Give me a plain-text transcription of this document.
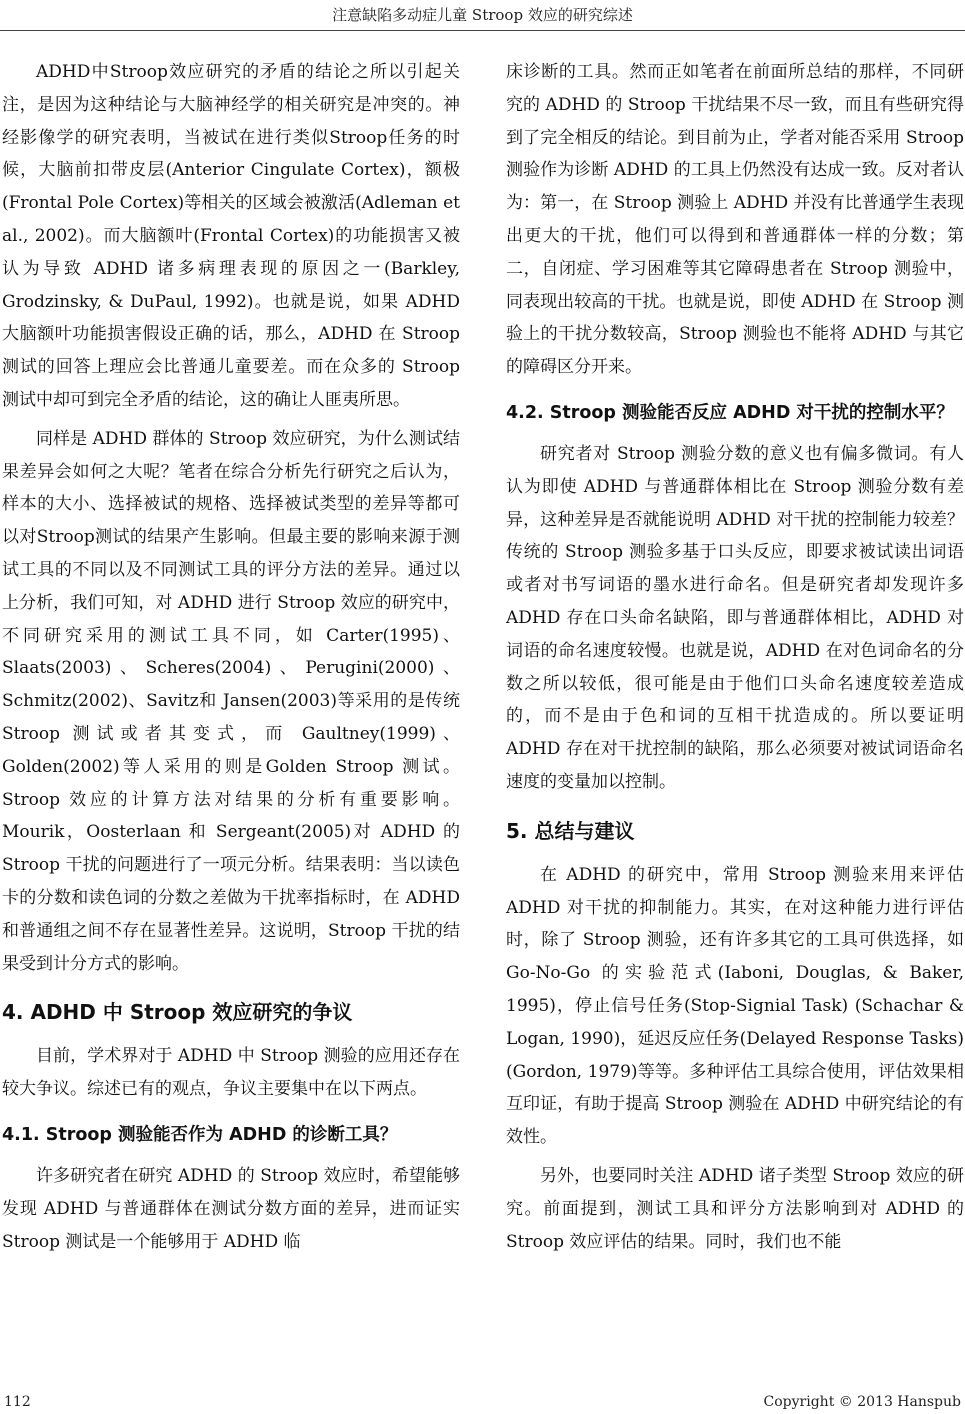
注意缺陷多动症儿童 Stroop 效应的研究综述

ADHD中Stroop效应研究的矛盾的结论之所以引起关注，是因为这种结论与大脑神经学的相关研究是冲突的。神经影像学的研究表明，当被试在进行类似Stroop任务的时候，大脑前扣带皮层(Anterior Cingulate Cortex)，额极(Frontal Pole Cortex)等相关的区域会被激活(Adleman et al., 2002)。而大脑额叶(Frontal Cortex)的功能损害又被认为导致 ADHD 诸多病理表现的原因之一(Barkley, Grodzinsky, & DuPaul, 1992)。也就是说，如果 ADHD 大脑额叶功能损害假设正确的话，那么，ADHD 在 Stroop 测试的回答上理应会比普通儿童要差。而在众多的 Stroop 测试中却可到完全矛盾的结论，这的确让人匪夷所思。

同样是 ADHD 群体的 Stroop 效应研究，为什么测试结果差异会如何之大呢？笔者在综合分析先行研究之后认为，样本的大小、选择被试的规格、选择被试类型的差异等都可以对Stroop测试的结果产生影响。但最主要的影响来源于测试工具的不同以及不同测试工具的评分方法的差异。通过以上分析，我们可知，对 ADHD 进行 Stroop 效应的研究中，不同研究采用的测试工具不同，如 Carter(1995)、Slaats(2003)、Scheres(2004)、Perugini(2000)、Schmitz(2002)、Savitz和 Jansen(2003)等采用的是传统 Stroop 测试或者其变式，而 Gaultney(1999)、Golden(2002)等人采用的则是Golden Stroop 测试。Stroop 效应的计算方法对结果的分析有重要影响。Mourik，Oosterlaan 和 Sergeant(2005)对 ADHD 的 Stroop 干扰的问题进行了一项元分析。结果表明：当以读色卡的分数和读色词的分数之差做为干扰率指标时，在 ADHD 和普通组之间不存在显著性差异。这说明，Stroop 干扰的结果受到计分方式的影响。

4. ADHD 中 Stroop 效应研究的争议

目前，学术界对于 ADHD 中 Stroop 测验的应用还存在较大争议。综述已有的观点，争议主要集中在以下两点。

4.1. Stroop 测验能否作为 ADHD 的诊断工具？

许多研究者在研究 ADHD 的 Stroop 效应时，希望能够发现 ADHD 与普通群体在测试分数方面的差异，进而证实 Stroop 测试是一个能够用于 ADHD 临

床诊断的工具。然而正如笔者在前面所总结的那样，不同研究的 ADHD 的 Stroop 干扰结果不尽一致，而且有些研究得到了完全相反的结论。到目前为止，学者对能否采用 Stroop 测验作为诊断 ADHD 的工具上仍然没有达成一致。反对者认为：第一，在 Stroop 测验上 ADHD 并没有比普通学生表现出更大的干扰，他们可以得到和普通群体一样的分数；第二，自闭症、学习困难等其它障碍患者在 Stroop 测验中，同表现出较高的干扰。也就是说，即使 ADHD 在 Stroop 测验上的干扰分数较高，Stroop 测验也不能将 ADHD 与其它的障碍区分开来。

4.2. Stroop 测验能否反应 ADHD 对干扰的控制水平？

研究者对 Stroop 测验分数的意义也有偏多微词。有人认为即使 ADHD 与普通群体相比在 Stroop 测验分数有差异，这种差异是否就能说明 ADHD 对干扰的控制能力较差？传统的 Stroop 测验多基于口头反应，即要求被试读出词语或者对书写词语的墨水进行命名。但是研究者却发现许多 ADHD 存在口头命名缺陷，即与普通群体相比，ADHD 对词语的命名速度较慢。也就是说，ADHD 在对色词命名的分数之所以较低，很可能是由于他们口头命名速度较差造成的，而不是由于色和词的互相干扰造成的。所以要证明ADHD 存在对干扰控制的缺陷，那么必须要对被试词语命名速度的变量加以控制。

5. 总结与建议

在 ADHD 的研究中，常用 Stroop 测验来用来评估 ADHD 对干扰的抑制能力。其实，在对这种能力进行评估时，除了 Stroop 测验，还有许多其它的工具可供选择，如 Go-No-Go 的实验范式(Iaboni, Douglas, & Baker, 1995)，停止信号任务(Stop-Signial Task) (Schachar & Logan, 1990)，延迟反应任务(Delayed Response Tasks) (Gordon, 1979)等等。多种评估工具综合使用，评估效果相互印证，有助于提高 Stroop 测验在 ADHD 中研究结论的有效性。

另外，也要同时关注 ADHD 诸子类型 Stroop 效应的研究。前面提到，测试工具和评分方法影响到对 ADHD 的 Stroop 效应评估的结果。同时，我们也不能

112	Copyright © 2013 Hanspub
